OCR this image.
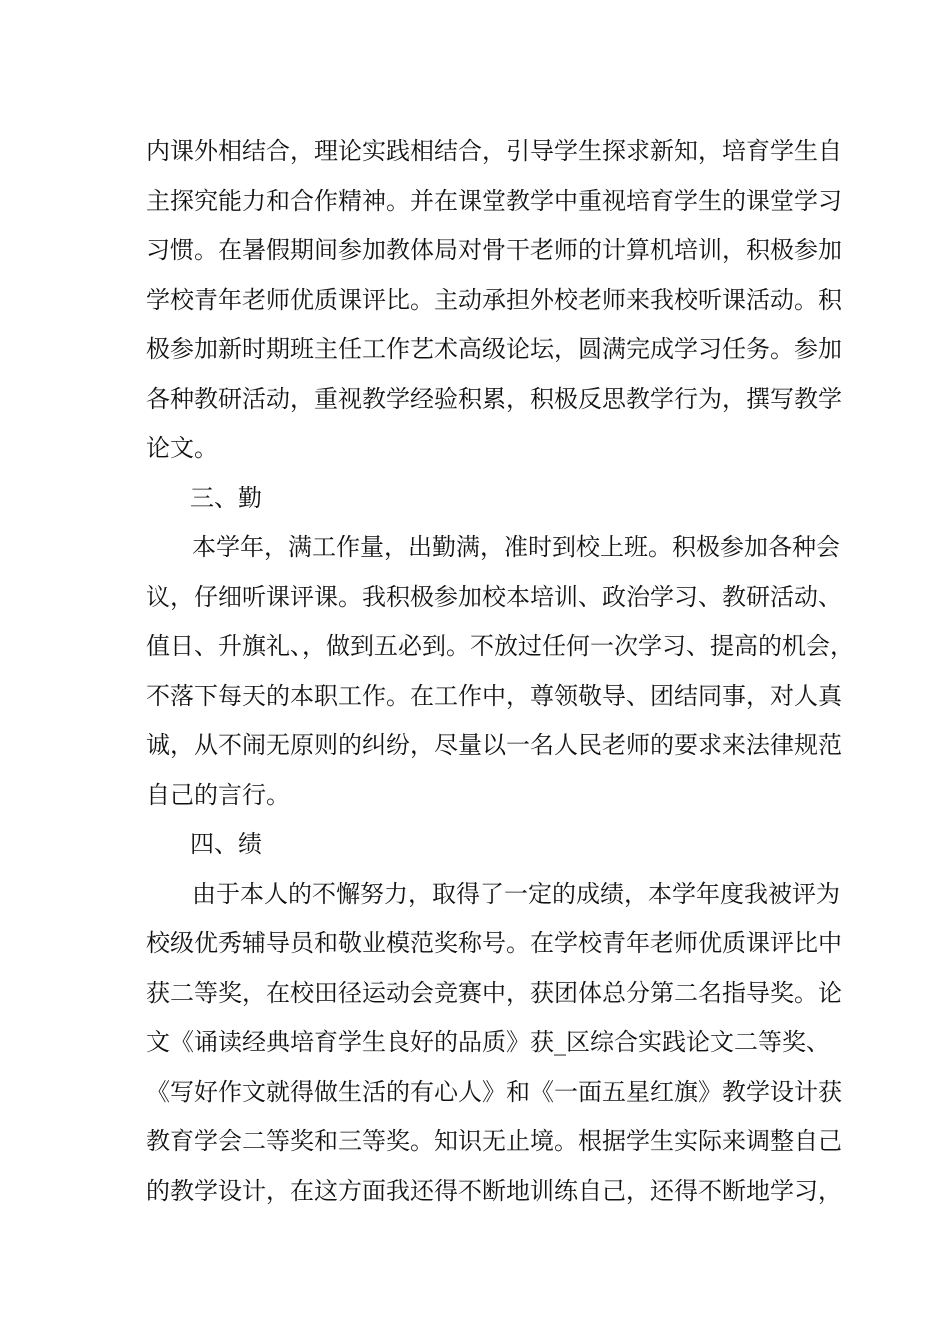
内课外相结合，理论实践相结合，引导学生探求新知，培育学生自
主探究能力和合作精神。并在课堂教学中重视培育学生的课堂学习
习惯。在暑假期间参加教体局对骨干老师的计算机培训，积极参加
学校青年老师优质课评比。主动承担外校老师来我校听课活动。积
极参加新时期班主任工作艺术高级论坛，圆满完成学习任务。参加
各种教研活动，重视教学经验积累，积极反思教学行为，撰写教学
论文。
三、勤
本学年，满工作量，出勤满，准时到校上班。积极参加各种会
议，仔细听课评课。我积极参加校本培训、政治学习、教研活动、
值日、升旗礼、，做到五必到。不放过任何一次学习、提高的机会，
不落下每天的本职工作。在工作中，尊领敬导、团结同事，对人真
诚，从不闹无原则的纠纷，尽量以一名人民老师的要求来法律规范
自己的言行。
四、绩
由于本人的不懈努力，取得了一定的成绩，本学年度我被评为
校级优秀辅导员和敬业模范奖称号。在学校青年老师优质课评比中
获二等奖，在校田径运动会竞赛中，获团体总分第二名指导奖。论
文《诵读经典培育学生良好的品质》获_区综合实践论文二等奖、
《写好作文就得做生活的有心人》和《一面五星红旗》教学设计获
教育学会二等奖和三等奖。知识无止境。根据学生实际来调整自己
的教学设计，在这方面我还得不断地训练自己，还得不断地学习，
